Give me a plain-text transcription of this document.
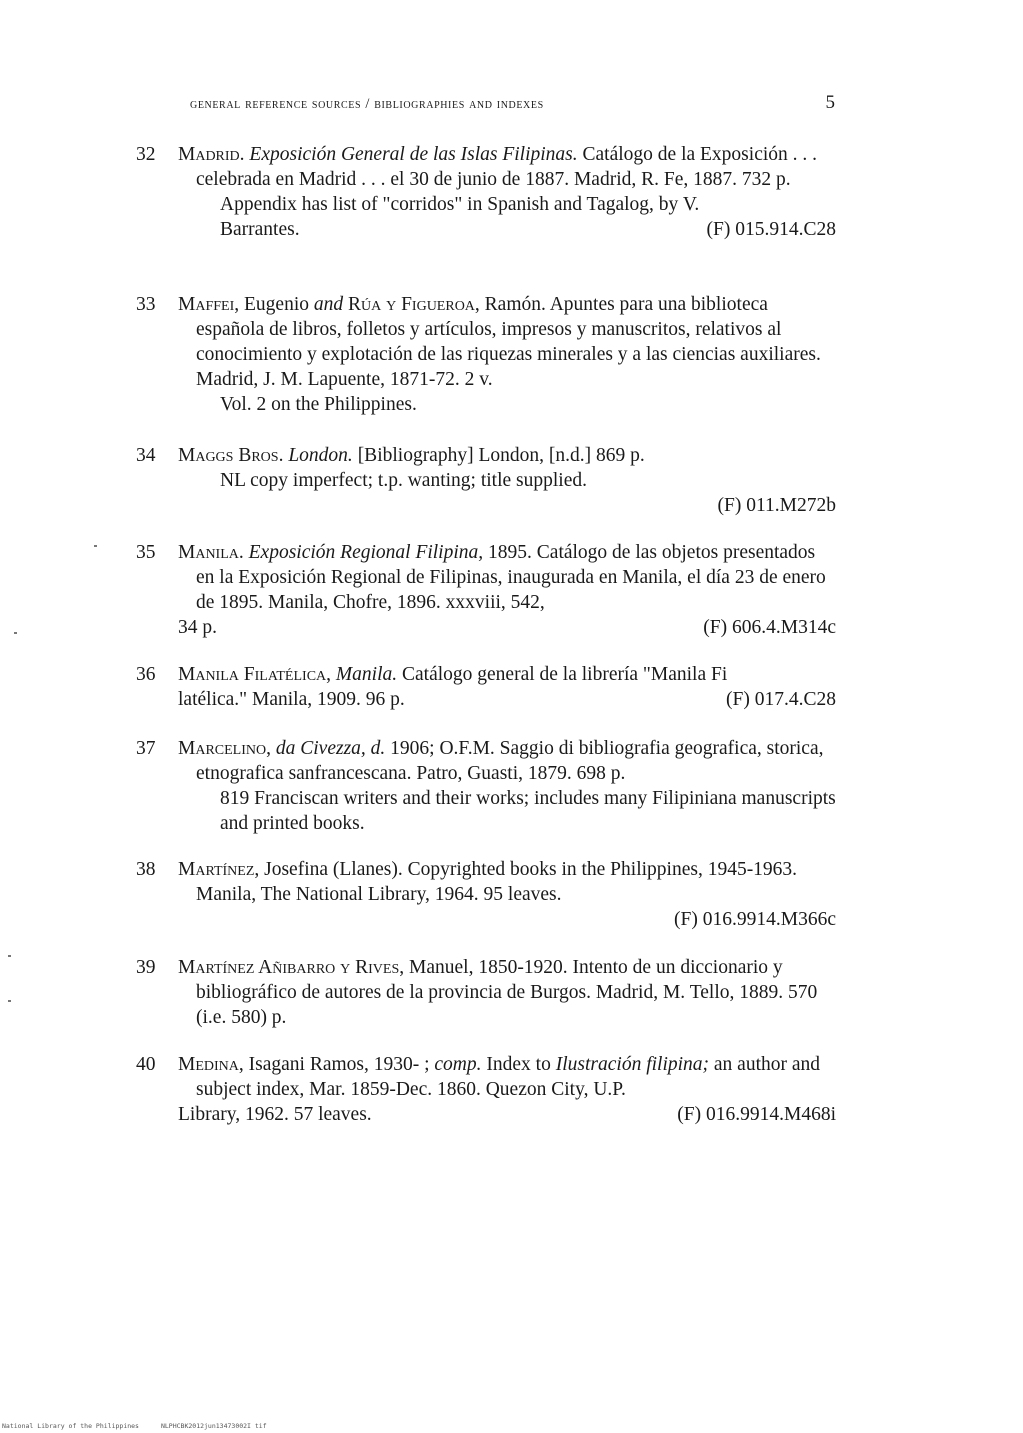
general reference sources / bibliographies and indexes	5
32	Madrid. Exposición General de las Islas Filipinas. Catálogo de la Exposición . . . celebrada en Madrid . . . el 30 de junio de 1887. Madrid, R. Fe, 1887. 732 p.
Appendix has list of "corridos" in Spanish and Tagalog, by V.
Barrantes.	(F) 015.914.C28
33	Maffei, Eugenio and Rúa y Figueroa, Ramón. Apuntes para una biblioteca española de libros, folletos y artículos, impresos y manuscritos, relativos al conocimiento y explotación de las riquezas minerales y a las ciencias auxiliares. Madrid, J. M. Lapuente, 1871-72. 2 v.
Vol. 2 on the Philippines.
34	Maggs Bros. London. [Bibliography] London, [n.d.] 869 p.
NL copy imperfect; t.p. wanting; title supplied.
(F) 011.M272b
35	Manila. Exposición Regional Filipina, 1895. Catálogo de las objetos presentados en la Exposición Regional de Filipinas, inaugurada en Manila, el día 23 de enero de 1895. Manila, Chofre, 1896. xxxviii, 542,
34 p.	(F) 606.4.M314c
36	Manila Filatélica, Manila. Catálogo general de la librería "Manila Fi
latélica." Manila, 1909. 96 p.	(F) 017.4.C28
37	Marcelino, da Civezza, d. 1906; O.F.M. Saggio di bibliografia geografica, storica, etnografica sanfrancescana. Patro, Guasti, 1879. 698 p.
819 Franciscan writers and their works; includes many Filipiniana manuscripts and printed books.
38	Martínez, Josefina (Llanes). Copyrighted books in the Philippines, 1945-1963. Manila, The National Library, 1964. 95 leaves.
(F) 016.9914.M366c
39	Martínez Añibarro y Rives, Manuel, 1850-1920. Intento de un diccionario y bibliográfico de autores de la provincia de Burgos. Madrid, M. Tello, 1889. 570 (i.e. 580) p.
40	Medina, Isagani Ramos, 1930- ; comp. Index to Ilustración filipina; an author and subject index, Mar. 1859-Dec. 1860. Quezon City, U.P.
Library, 1962. 57 leaves.	(F) 016.9914.M468i
National Library of the Philippines	NLPHCBK2012jun13473002I tif
